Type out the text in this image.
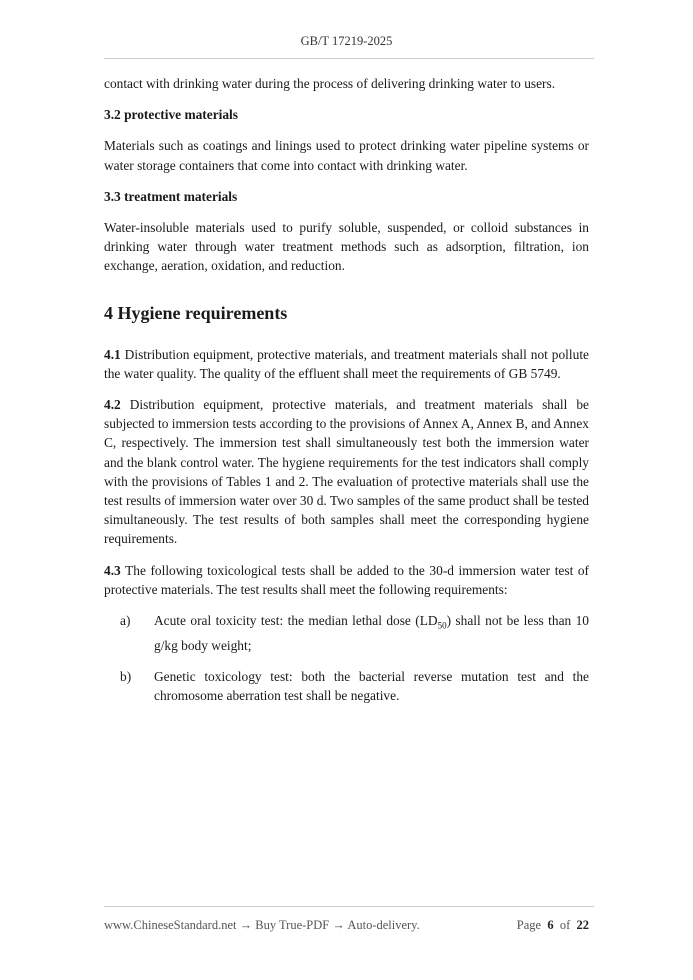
GB/T 17219-2025

contact with drinking water during the process of delivering drinking water to users.

3.2 protective materials

Materials such as coatings and linings used to protect drinking water pipeline systems or water storage containers that come into contact with drinking water.

3.3 treatment materials

Water-insoluble materials used to purify soluble, suspended, or colloid substances in drinking water through water treatment methods such as adsorption, filtration, ion exchange, aeration, oxidation, and reduction.

4 Hygiene requirements

4.1 Distribution equipment, protective materials, and treatment materials shall not pollute the water quality. The quality of the effluent shall meet the requirements of GB 5749.

4.2 Distribution equipment, protective materials, and treatment materials shall be subjected to immersion tests according to the provisions of Annex A, Annex B, and Annex C, respectively. The immersion test shall simultaneously test both the immersion water and the blank control water. The hygiene requirements for the test indicators shall comply with the provisions of Tables 1 and 2. The evaluation of protective materials shall use the test results of immersion water over 30 d. Two samples of the same product shall be tested simultaneously. The test results of both samples shall meet the corresponding hygiene requirements.

4.3 The following toxicological tests shall be added to the 30-d immersion water test of protective materials. The test results shall meet the following requirements:

a) Acute oral toxicity test: the median lethal dose $(LD_{50})$ shall not be less than 10 g/kg body weight;
b) Genetic toxicology test: both the bacterial reverse mutation test and the chromosome aberration test shall be negative.
www.ChineseStandard.net → Buy True-PDF → Auto-delivery.	Page 6 of 22
